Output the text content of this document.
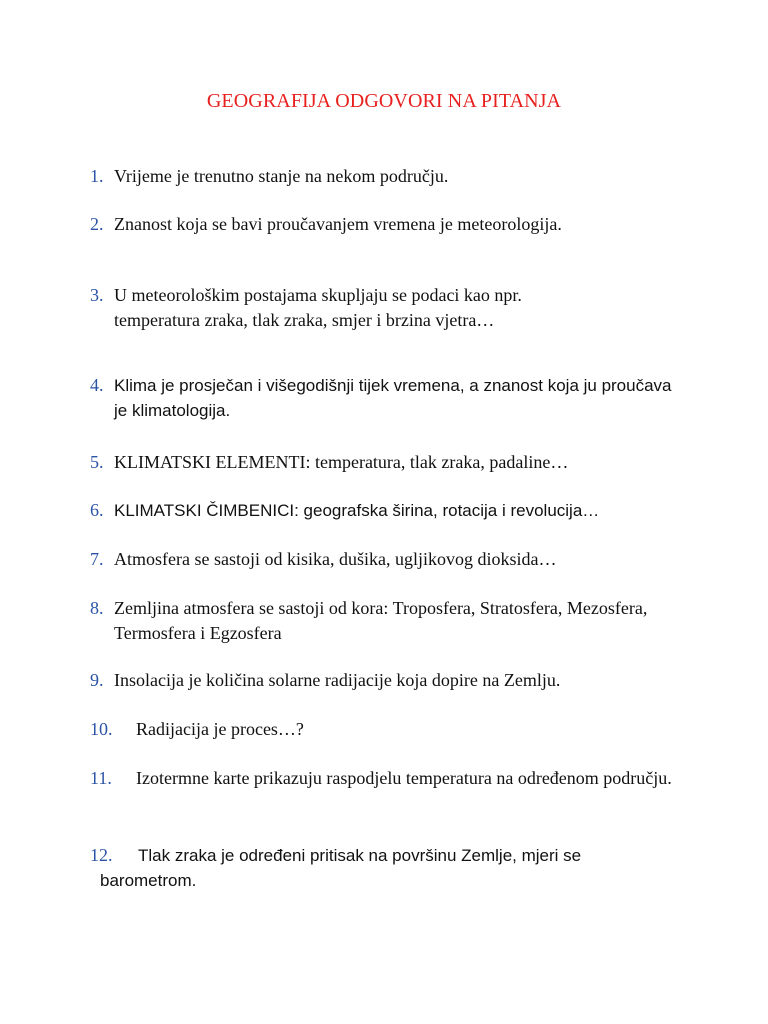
GEOGRAFIJA ODGOVORI NA PITANJA
1. Vrijeme je trenutno stanje na nekom području.
2. Znanost koja se bavi proučavanjem vremena je meteorologija.
3. U meteorološkim postajama skupljaju se podaci kao npr. temperatura zraka, tlak zraka, smjer i brzina vjetra…
4. Klima je prosječan i višegodišnji tijek vremena, a znanost koja ju proučava je klimatologija.
5. KLIMATSKI ELEMENTI: temperatura, tlak zraka, padaline…
6. KLIMATSKI ČIMBENICI: geografska širina, rotacija i revolucija…
7. Atmosfera se sastoji od kisika, dušika, ugljikovog dioksida…
8. Zemljina atmosfera se sastoji od kora: Troposfera, Stratosfera, Mezosfera, Termosfera i Egzosfera
9. Insolacija je količina solarne radijacije koja dopire na Zemlju.
10.	Radijacija je proces…?
11.	Izotermne karte prikazuju raspodjelu temperatura na određenom području.
12.	Tlak zraka je određeni pritisak na površinu Zemlje, mjeri se barometrom.
